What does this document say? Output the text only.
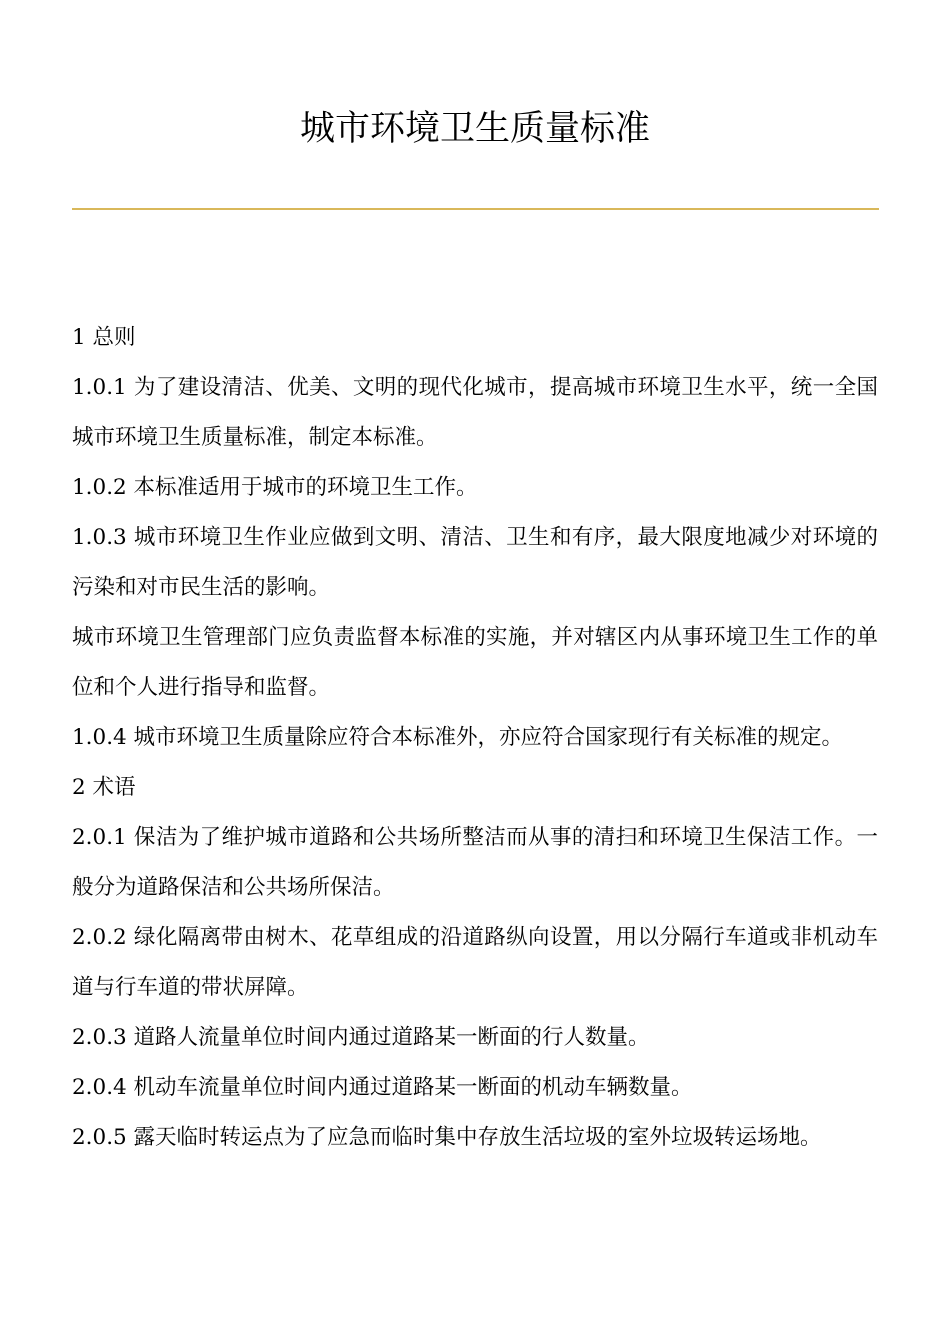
城市环境卫生质量标准

1 总则

1.0.1 为了建设清洁、优美、文明的现代化城市，提高城市环境卫生水平，统一全国城市环境卫生质量标准，制定本标准。

1.0.2 本标准适用于城市的环境卫生工作。

1.0.3 城市环境卫生作业应做到文明、清洁、卫生和有序，最大限度地减少对环境的污染和对市民生活的影响。

城市环境卫生管理部门应负责监督本标准的实施，并对辖区内从事环境卫生工作的单位和个人进行指导和监督。

1.0.4 城市环境卫生质量除应符合本标准外，亦应符合国家现行有关标准的规定。

2 术语

2.0.1 保洁为了维护城市道路和公共场所整洁而从事的清扫和环境卫生保洁工作。一般分为道路保洁和公共场所保洁。

2.0.2 绿化隔离带由树木、花草组成的沿道路纵向设置，用以分隔行车道或非机动车道与行车道的带状屏障。

2.0.3 道路人流量单位时间内通过道路某一断面的行人数量。

2.0.4 机动车流量单位时间内通过道路某一断面的机动车辆数量。

2.0.5 露天临时转运点为了应急而临时集中存放生活垃圾的室外垃圾转运场地。
